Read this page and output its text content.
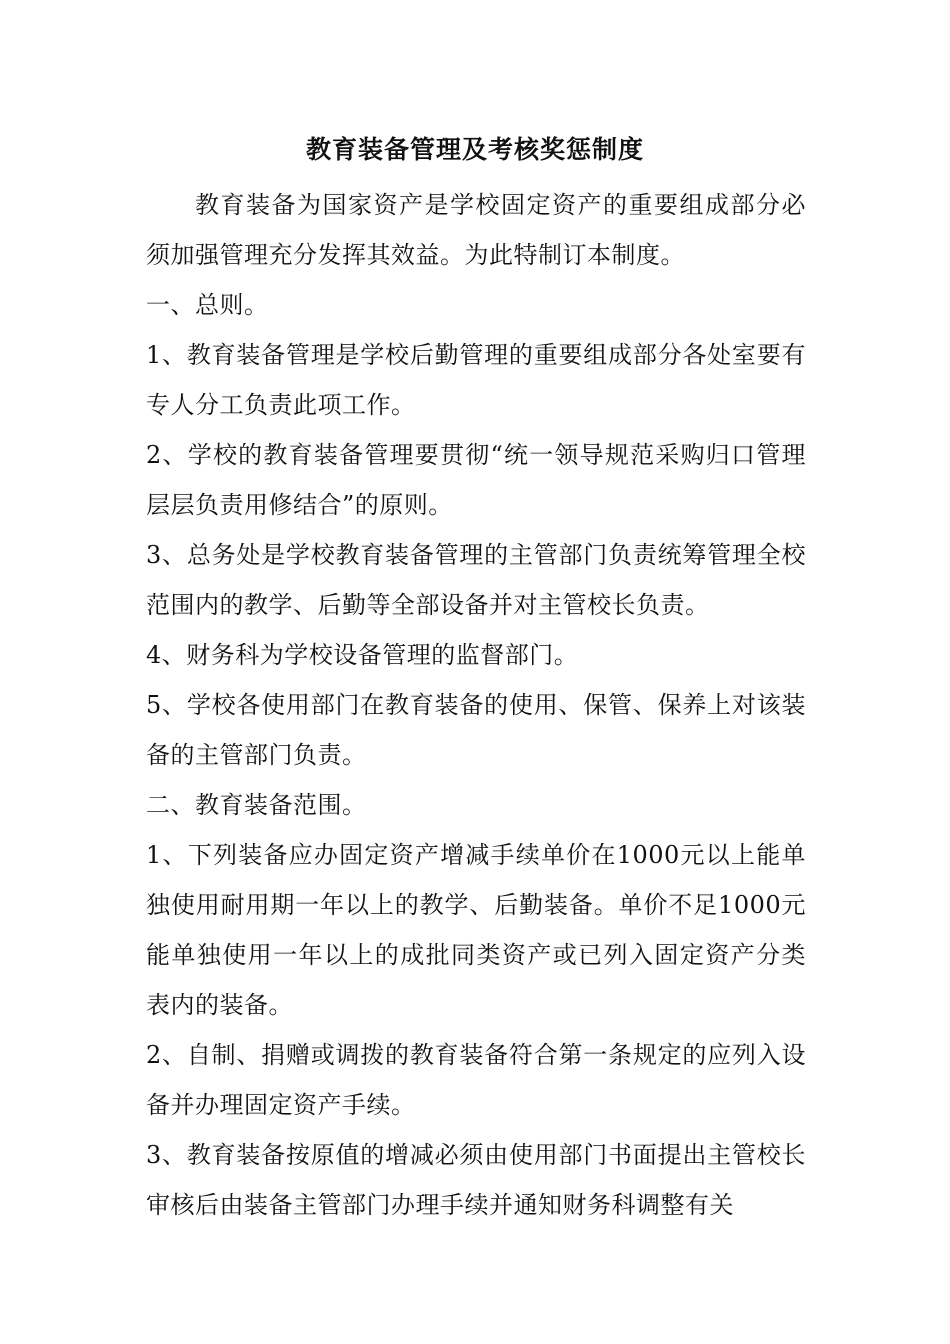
教育装备管理及考核奖惩制度

教育装备为国家资产是学校固定资产的重要组成部分必须加强管理充分发挥其效益。为此特制订本制度。

一、总则。

1、教育装备管理是学校后勤管理的重要组成部分各处室要有专人分工负责此项工作。

2、学校的教育装备管理要贯彻“统一领导规范采购归口管理层层负责用修结合”的原则。

3、总务处是学校教育装备管理的主管部门负责统筹管理全校范围内的教学、后勤等全部设备并对主管校长负责。

4、财务科为学校设备管理的监督部门。

5、学校各使用部门在教育装备的使用、保管、保养上对该装备的主管部门负责。

二、教育装备范围。

1、下列装备应办固定资产增减手续单价在1000元以上能单独使用耐用期一年以上的教学、后勤装备。单价不足1000元能单独使用一年以上的成批同类资产或已列入固定资产分类表内的装备。

2、自制、捐赠或调拨的教育装备符合第一条规定的应列入设备并办理固定资产手续。

3、教育装备按原值的增减必须由使用部门书面提出主管校长审核后由装备主管部门办理手续并通知财务科调整有关
